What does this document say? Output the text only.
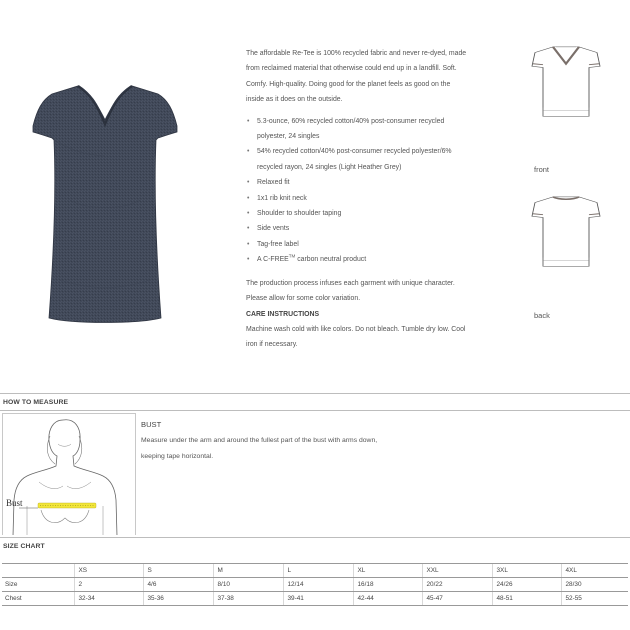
The affordable Re-Tee is 100% recycled fabric and never re-dyed, made from reclaimed material that otherwise could end up in a landfill. Soft. Comfy. High-quality. Doing good for the planet feels as good on the inside as it does on the outside.

• 5.3-ounce, 60% recycled cotton/40% post-consumer recycled polyester, 24 singles
• 54% recycled cotton/40% post-consumer recycled polyester/6% recycled rayon, 24 singles (Light Heather Grey)
• Relaxed fit
• 1x1 rib knit neck
• Shoulder to shoulder taping
• Side vents
• Tag-free label
• A C-FREE™ carbon neutral product

The production process infuses each garment with unique character. Please allow for some color variation.

CARE INSTRUCTIONS

Machine wash cold with like colors. Do not bleach. Tumble dry low. Cool iron if necessary.

front
back
HOW TO MEASURE
Bust
BUST
Measure under the arm and around the fullest part of the bust with arms down, keeping tape horizontal.
SIZE CHART
	XS	S	M	L	XL	XXL	3XL	4XL
Size	2	4/6	8/10	12/14	16/18	20/22	24/26	28/30
Chest	32-34	35-36	37-38	39-41	42-44	45-47	48-51	52-55
